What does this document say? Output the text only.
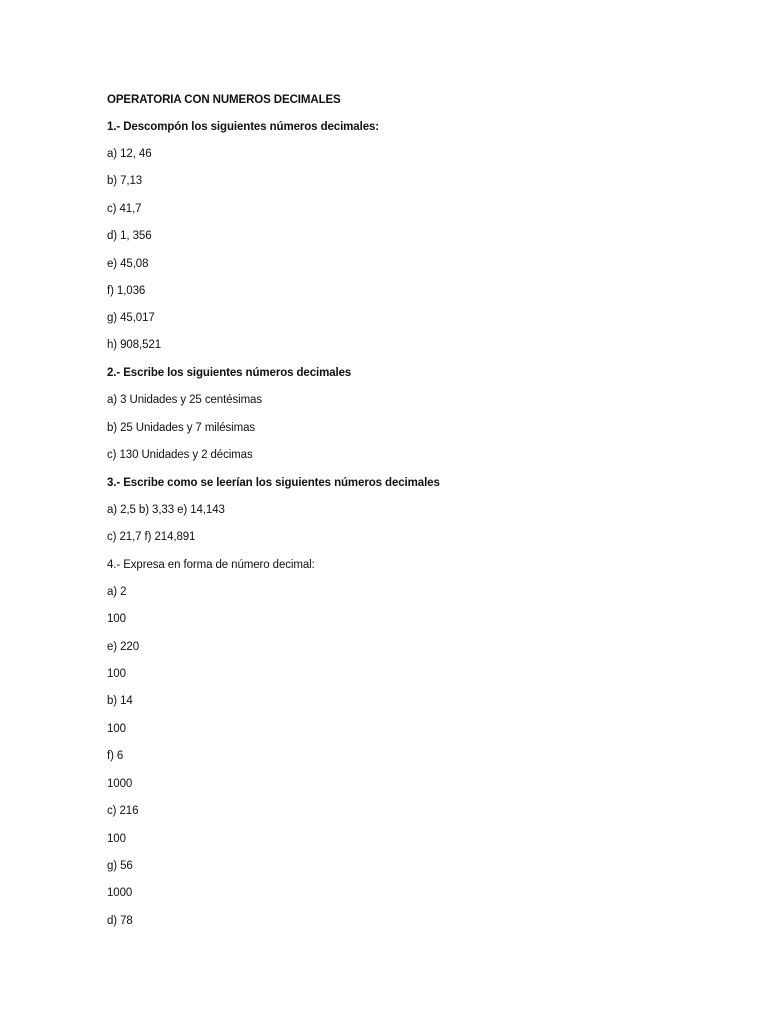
OPERATORIA CON NUMEROS DECIMALES
1.- Descompón los siguientes números decimales:
a) 12, 46
b) 7,13
c) 41,7
d) 1, 356
e) 45,08
f) 1,036
g) 45,017
h) 908,521
2.- Escribe los siguientes números decimales
a) 3 Unidades y 25 centésimas
b) 25 Unidades y 7 milésimas
c) 130 Unidades y 2 décimas
3.- Escribe como se leerían los siguientes números decimales
a) 2,5 b) 3,33 e) 14,143
c) 21,7 f) 214,891
4.- Expresa en forma de número decimal:
a) 2
100
e) 220
100
b) 14
100
f) 6
1000
c) 216
100
g) 56
1000
d) 78
